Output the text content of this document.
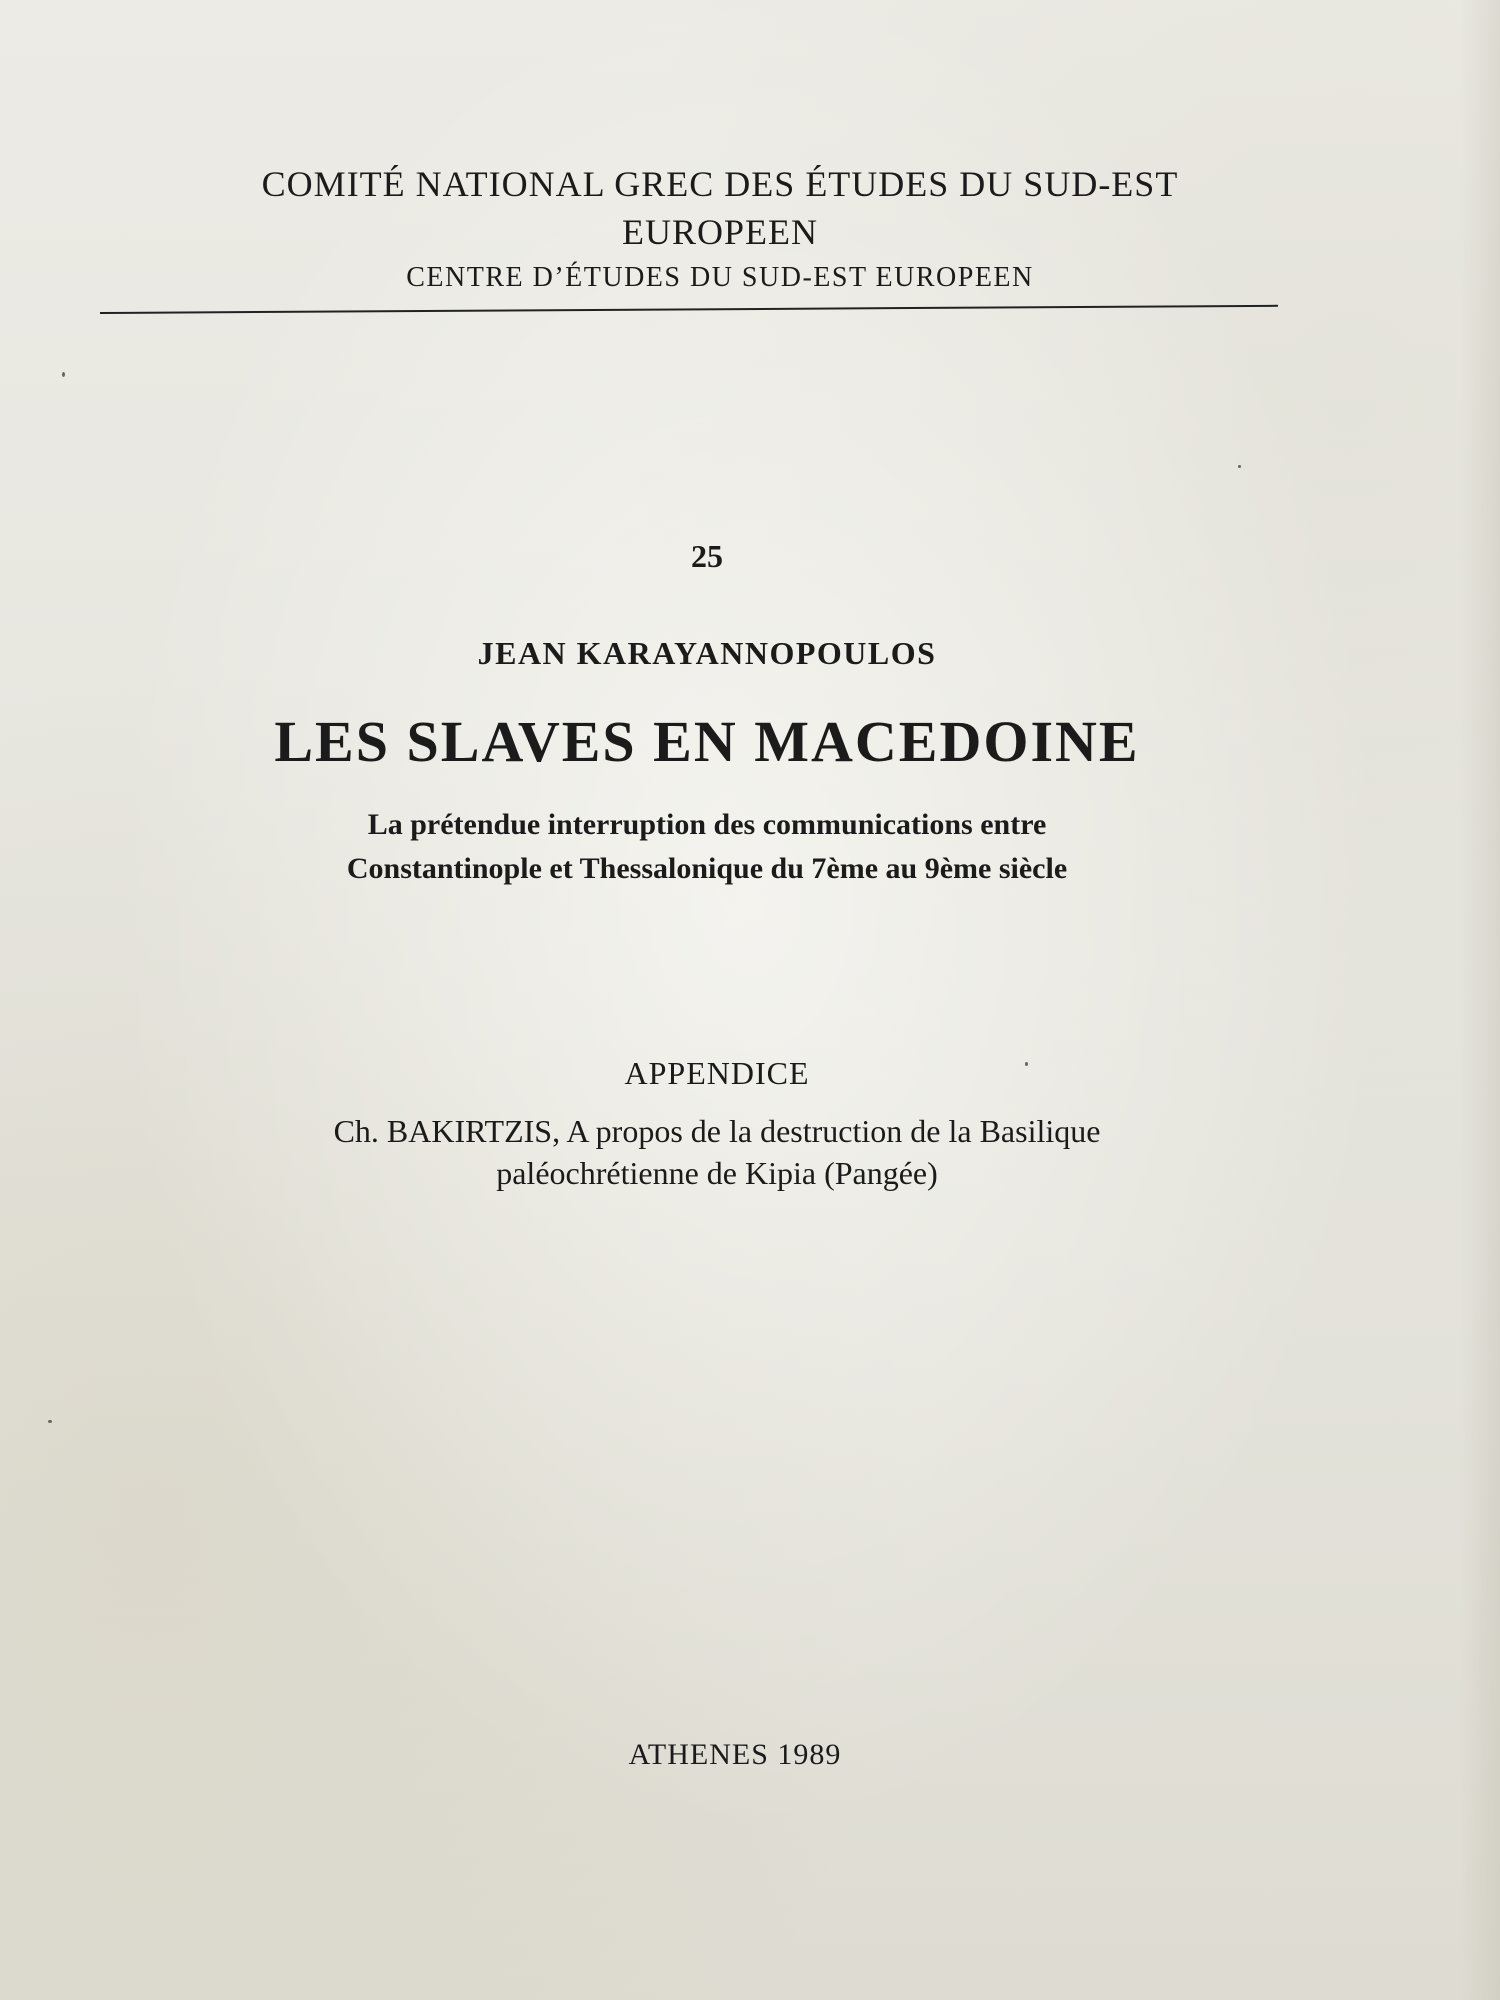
COMITÉ NATIONAL GREC DES ÉTUDES DU SUD-EST
EUROPEEN
CENTRE D’ÉTUDES DU SUD-EST EUROPEEN
25
JEAN KARAYANNOPOULOS
LES SLAVES EN MACEDOINE
La prétendue interruption des communications entre
Constantinople et Thessalonique du 7ème au 9ème siècle
APPENDICE
Ch. BAKIRTZIS, A propos de la destruction de la Basilique
paléochrétienne de Kipia (Pangée)
ATHENES 1989
